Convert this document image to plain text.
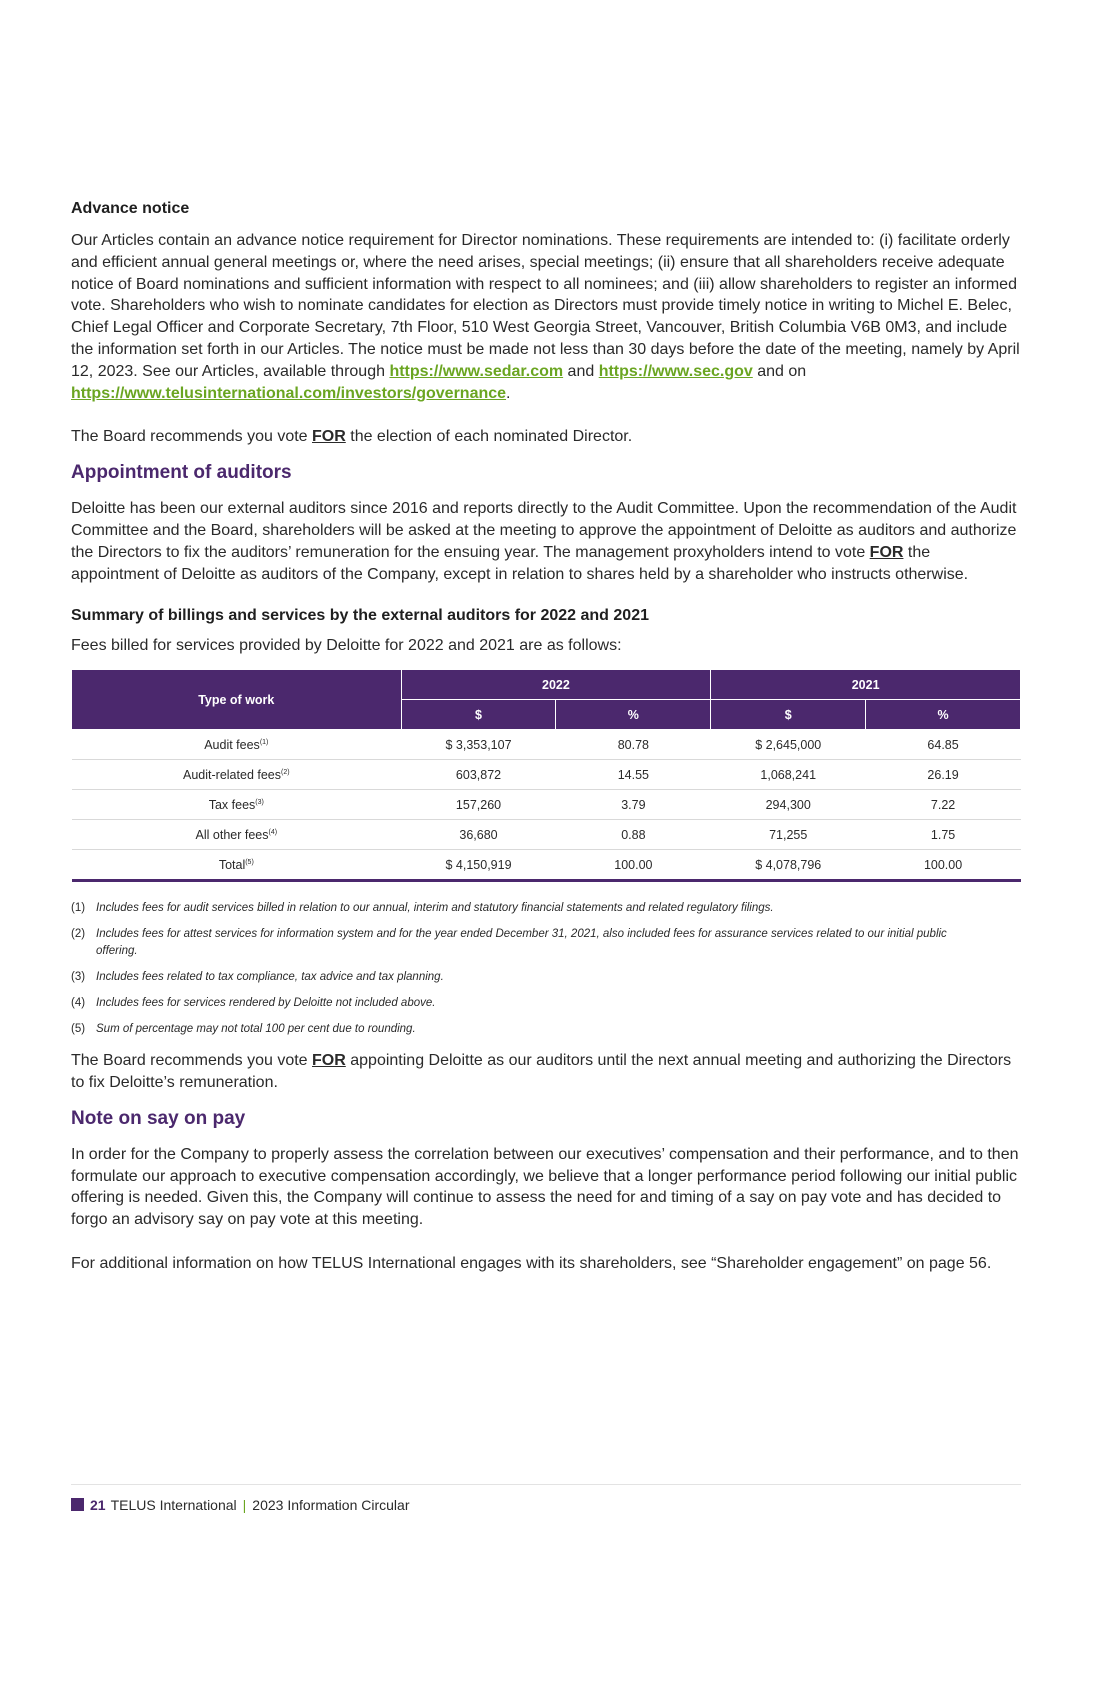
Advance notice

Our Articles contain an advance notice requirement for Director nominations. These requirements are intended to: (i) facilitate orderly and efficient annual general meetings or, where the need arises, special meetings; (ii) ensure that all shareholders receive adequate notice of Board nominations and sufficient information with respect to all nominees; and (iii) allow shareholders to register an informed vote. Shareholders who wish to nominate candidates for election as Directors must provide timely notice in writing to Michel E. Belec, Chief Legal Officer and Corporate Secretary, 7th Floor, 510 West Georgia Street, Vancouver, British Columbia V6B 0M3, and include the information set forth in our Articles. The notice must be made not less than 30 days before the date of the meeting, namely by April 12, 2023. See our Articles, available through https://www.sedar.com and https://www.sec.gov and on https://www.telusinternational.com/investors/governance.

The Board recommends you vote FOR the election of each nominated Director.

Appointment of auditors

Deloitte has been our external auditors since 2016 and reports directly to the Audit Committee. Upon the recommendation of the Audit Committee and the Board, shareholders will be asked at the meeting to approve the appointment of Deloitte as auditors and authorize the Directors to fix the auditors’ remuneration for the ensuing year. The management proxyholders intend to vote FOR the appointment of Deloitte as auditors of the Company, except in relation to shares held by a shareholder who instructs otherwise.

Summary of billings and services by the external auditors for 2022 and 2021

Fees billed for services provided by Deloitte for 2022 and 2021 are as follows:

Type of work	2022		2021	
	$	%	$	%
Audit fees$^{(1)}$	$ 3,353,107	80.78	$ 2,645,000	64.85
Audit-related fees$^{(2)}$	603,872	14.55	1,068,241	26.19
Tax fees$^{(3)}$	157,260	3.79	294,300	7.22
All other fees$^{(4)}$	36,680	0.88	71,255	1.75
Total$^{(5)}$	$ 4,150,919	100.00	$ 4,078,796	100.00
(1) Includes fees for audit services billed in relation to our annual, interim and statutory financial statements and related regulatory filings.
(2) Includes fees for attest services for information system and for the year ended December 31, 2021, also included fees for assurance services related to our initial public offering.
(3) Includes fees related to tax compliance, tax advice and tax planning.
(4) Includes fees for services rendered by Deloitte not included above.
(5) Sum of percentage may not total 100 per cent due to rounding.

The Board recommends you vote FOR appointing Deloitte as our auditors until the next annual meeting and authorizing the Directors to fix Deloitte’s remuneration.

Note on say on pay

In order for the Company to properly assess the correlation between our executives’ compensation and their performance, and to then formulate our approach to executive compensation accordingly, we believe that a longer performance period following our initial public offering is needed. Given this, the Company will continue to assess the need for and timing of a say on pay vote and has decided to forgo an advisory say on pay vote at this meeting.

For additional information on how TELUS International engages with its shareholders, see “Shareholder engagement” on page 56.

21 TELUS International | 2023 Information Circular
